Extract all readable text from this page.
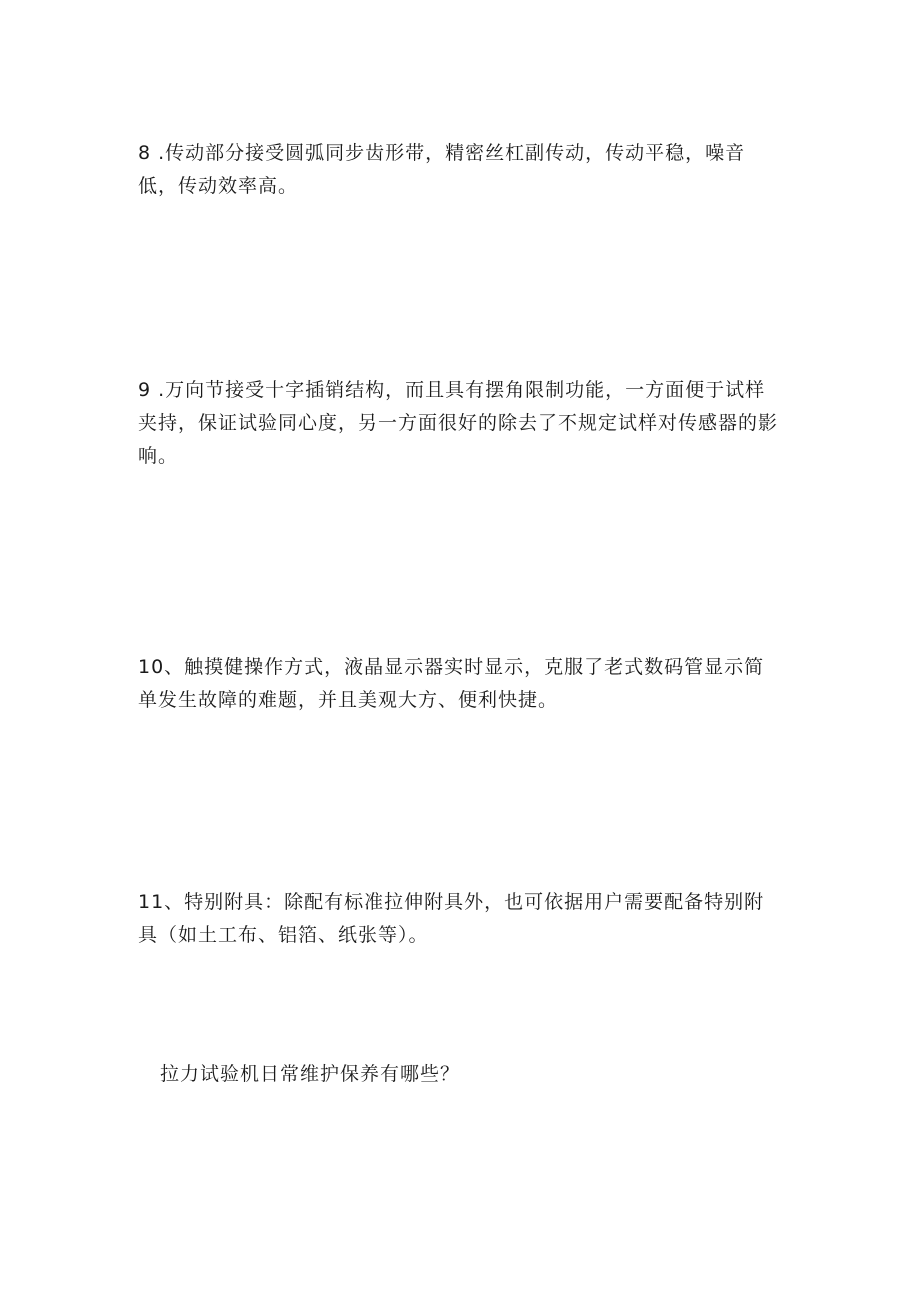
8 .传动部分接受圆弧同步齿形带，精密丝杠副传动，传动平稳，噪音低，传动效率高。

9 .万向节接受十字插销结构，而且具有摆角限制功能，一方面便于试样夹持，保证试验同心度，另一方面很好的除去了不规定试样对传感器的影响。

10、触摸健操作方式，液晶显示器实时显示，克服了老式数码管显示简单发生故障的难题，并且美观大方、便利快捷。

11、特别附具：除配有标准拉伸附具外，也可依据用户需要配备特别附具（如土工布、铝箔、纸张等）。

拉力试验机日常维护保养有哪些？
